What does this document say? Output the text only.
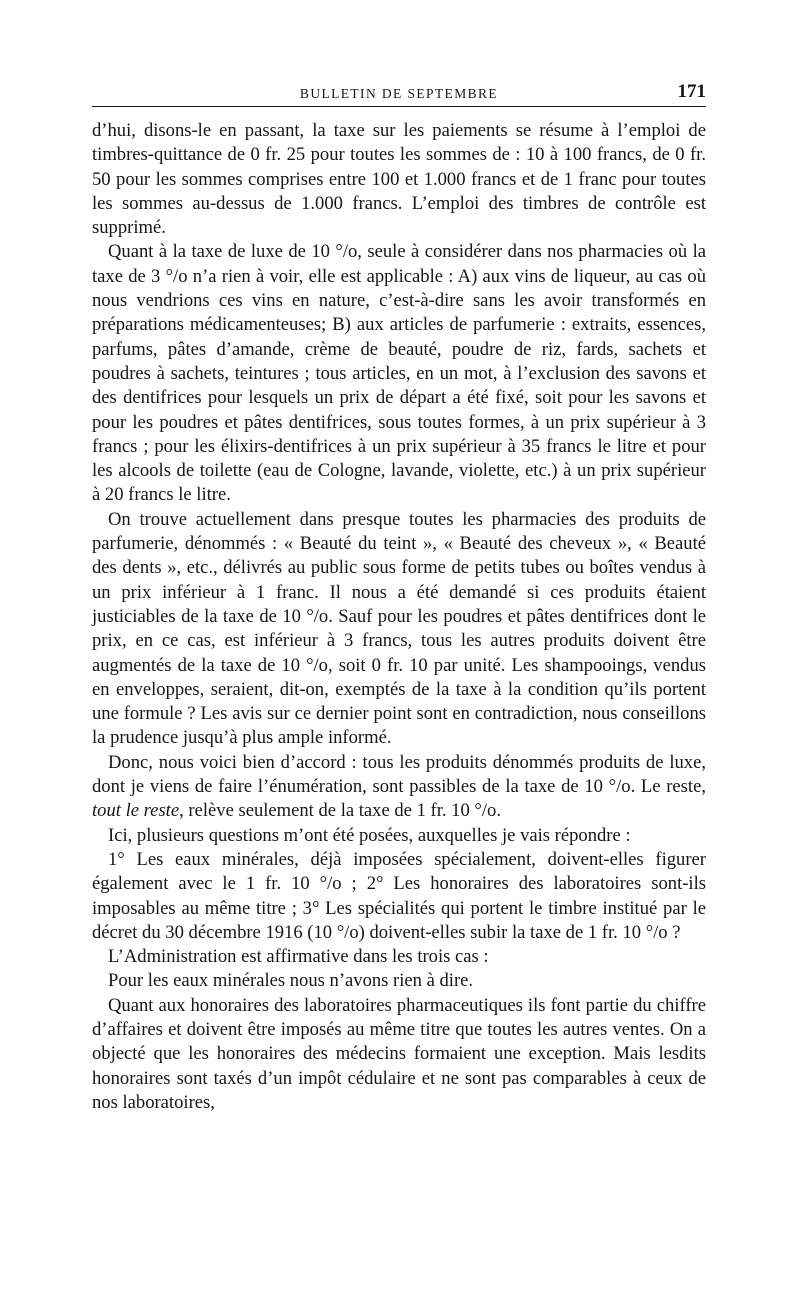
BULLETIN DE SEPTEMBRE	171

d’hui, disons-le en passant, la taxe sur les paiements se résume à l’emploi de timbres-quittance de 0 fr. 25 pour toutes les sommes de : 10 à 100 francs, de 0 fr. 50 pour les sommes comprises entre 100 et 1.000 francs et de 1 franc pour toutes les sommes au-dessus de 1.000 francs. L’emploi des timbres de contrôle est supprimé.

Quant à la taxe de luxe de 10 °/o, seule à considérer dans nos pharmacies où la taxe de 3 °/o n’a rien à voir, elle est applicable : A) aux vins de liqueur, au cas où nous vendrions ces vins en nature, c’est-à-dire sans les avoir transformés en préparations médicamenteuses; B) aux articles de parfumerie : extraits, essences, parfums, pâtes d’amande, crème de beauté, poudre de riz, fards, sachets et poudres à sachets, teintures ; tous articles, en un mot, à l’exclusion des savons et des dentifrices pour lesquels un prix de départ a été fixé, soit pour les savons et pour les poudres et pâtes dentifrices, sous toutes formes, à un prix supérieur à 3 francs ; pour les élixirs-dentifrices à un prix supérieur à 35 francs le litre et pour les alcools de toilette (eau de Cologne, lavande, violette, etc.) à un prix supérieur à 20 francs le litre.

On trouve actuellement dans presque toutes les pharmacies des produits de parfumerie, dénommés : « Beauté du teint », « Beauté des cheveux », « Beauté des dents », etc., délivrés au public sous forme de petits tubes ou boîtes vendus à un prix inférieur à 1 franc. Il nous a été demandé si ces produits étaient justiciables de la taxe de 10 °/o. Sauf pour les poudres et pâtes dentifrices dont le prix, en ce cas, est inférieur à 3 francs, tous les autres produits doivent être augmentés de la taxe de 10 °/o, soit 0 fr. 10 par unité. Les shampooings, vendus en enveloppes, seraient, dit-on, exemptés de la taxe à la condition qu’ils portent une formule ? Les avis sur ce dernier point sont en contradiction, nous conseillons la prudence jusqu’à plus ample informé.

Donc, nous voici bien d’accord : tous les produits dénommés produits de luxe, dont je viens de faire l’énumération, sont passibles de la taxe de 10 °/o. Le reste, tout le reste, relève seulement de la taxe de 1 fr. 10 °/o.

Ici, plusieurs questions m’ont été posées, auxquelles je vais répondre :

1° Les eaux minérales, déjà imposées spécialement, doivent-elles figurer également avec le 1 fr. 10 °/o ; 2° Les honoraires des laboratoires sont-ils imposables au même titre ; 3° Les spécialités qui portent le timbre institué par le décret du 30 décembre 1916 (10 °/o) doivent-elles subir la taxe de 1 fr. 10 °/o ?

L’Administration est affirmative dans les trois cas :

Pour les eaux minérales nous n’avons rien à dire.

Quant aux honoraires des laboratoires pharmaceutiques ils font partie du chiffre d’affaires et doivent être imposés au même titre que toutes les autres ventes. On a objecté que les honoraires des médecins formaient une exception. Mais lesdits honoraires sont taxés d’un impôt cédulaire et ne sont pas comparables à ceux de nos laboratoires,
